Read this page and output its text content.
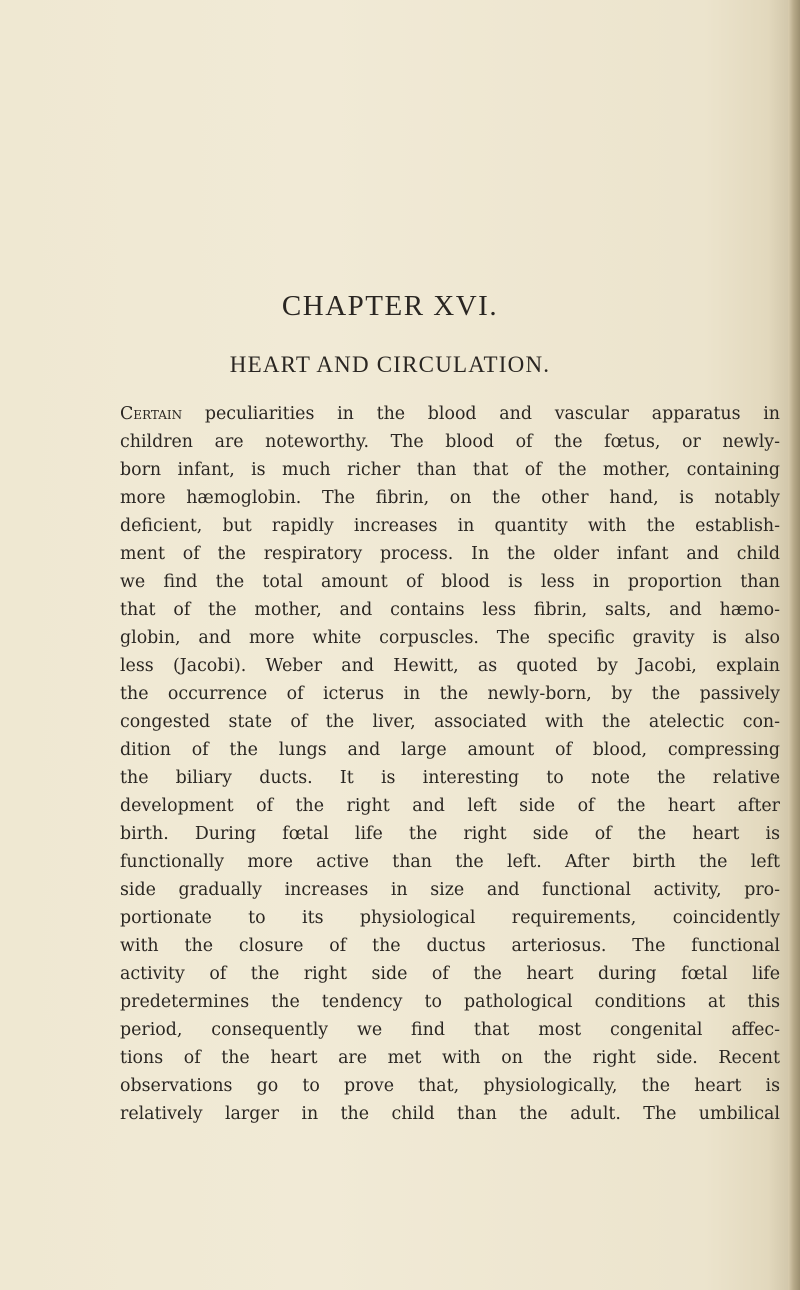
CHAPTER XVI.
HEART AND CIRCULATION.
Certain peculiarities in the blood and vascular apparatus in
children are noteworthy. The blood of the fœtus, or newly-
born infant, is much richer than that of the mother, containing
more hæmoglobin. The fibrin, on the other hand, is notably
deficient, but rapidly increases in quantity with the establish-
ment of the respiratory process. In the older infant and child
we find the total amount of blood is less in proportion than
that of the mother, and contains less fibrin, salts, and hæmo-
globin, and more white corpuscles. The specific gravity is also
less (Jacobi). Weber and Hewitt, as quoted by Jacobi, explain
the occurrence of icterus in the newly-born, by the passively
congested state of the liver, associated with the atelectic con-
dition of the lungs and large amount of blood, compressing
the biliary ducts. It is interesting to note the relative
development of the right and left side of the heart after
birth. During fœtal life the right side of the heart is
functionally more active than the left. After birth the left
side gradually increases in size and functional activity, pro-
portionate to its physiological requirements, coincidently
with the closure of the ductus arteriosus. The functional
activity of the right side of the heart during fœtal life
predetermines the tendency to pathological conditions at this
period, consequently we find that most congenital affec-
tions of the heart are met with on the right side. Recent
observations go to prove that, physiologically, the heart is
relatively larger in the child than the adult. The umbilical
